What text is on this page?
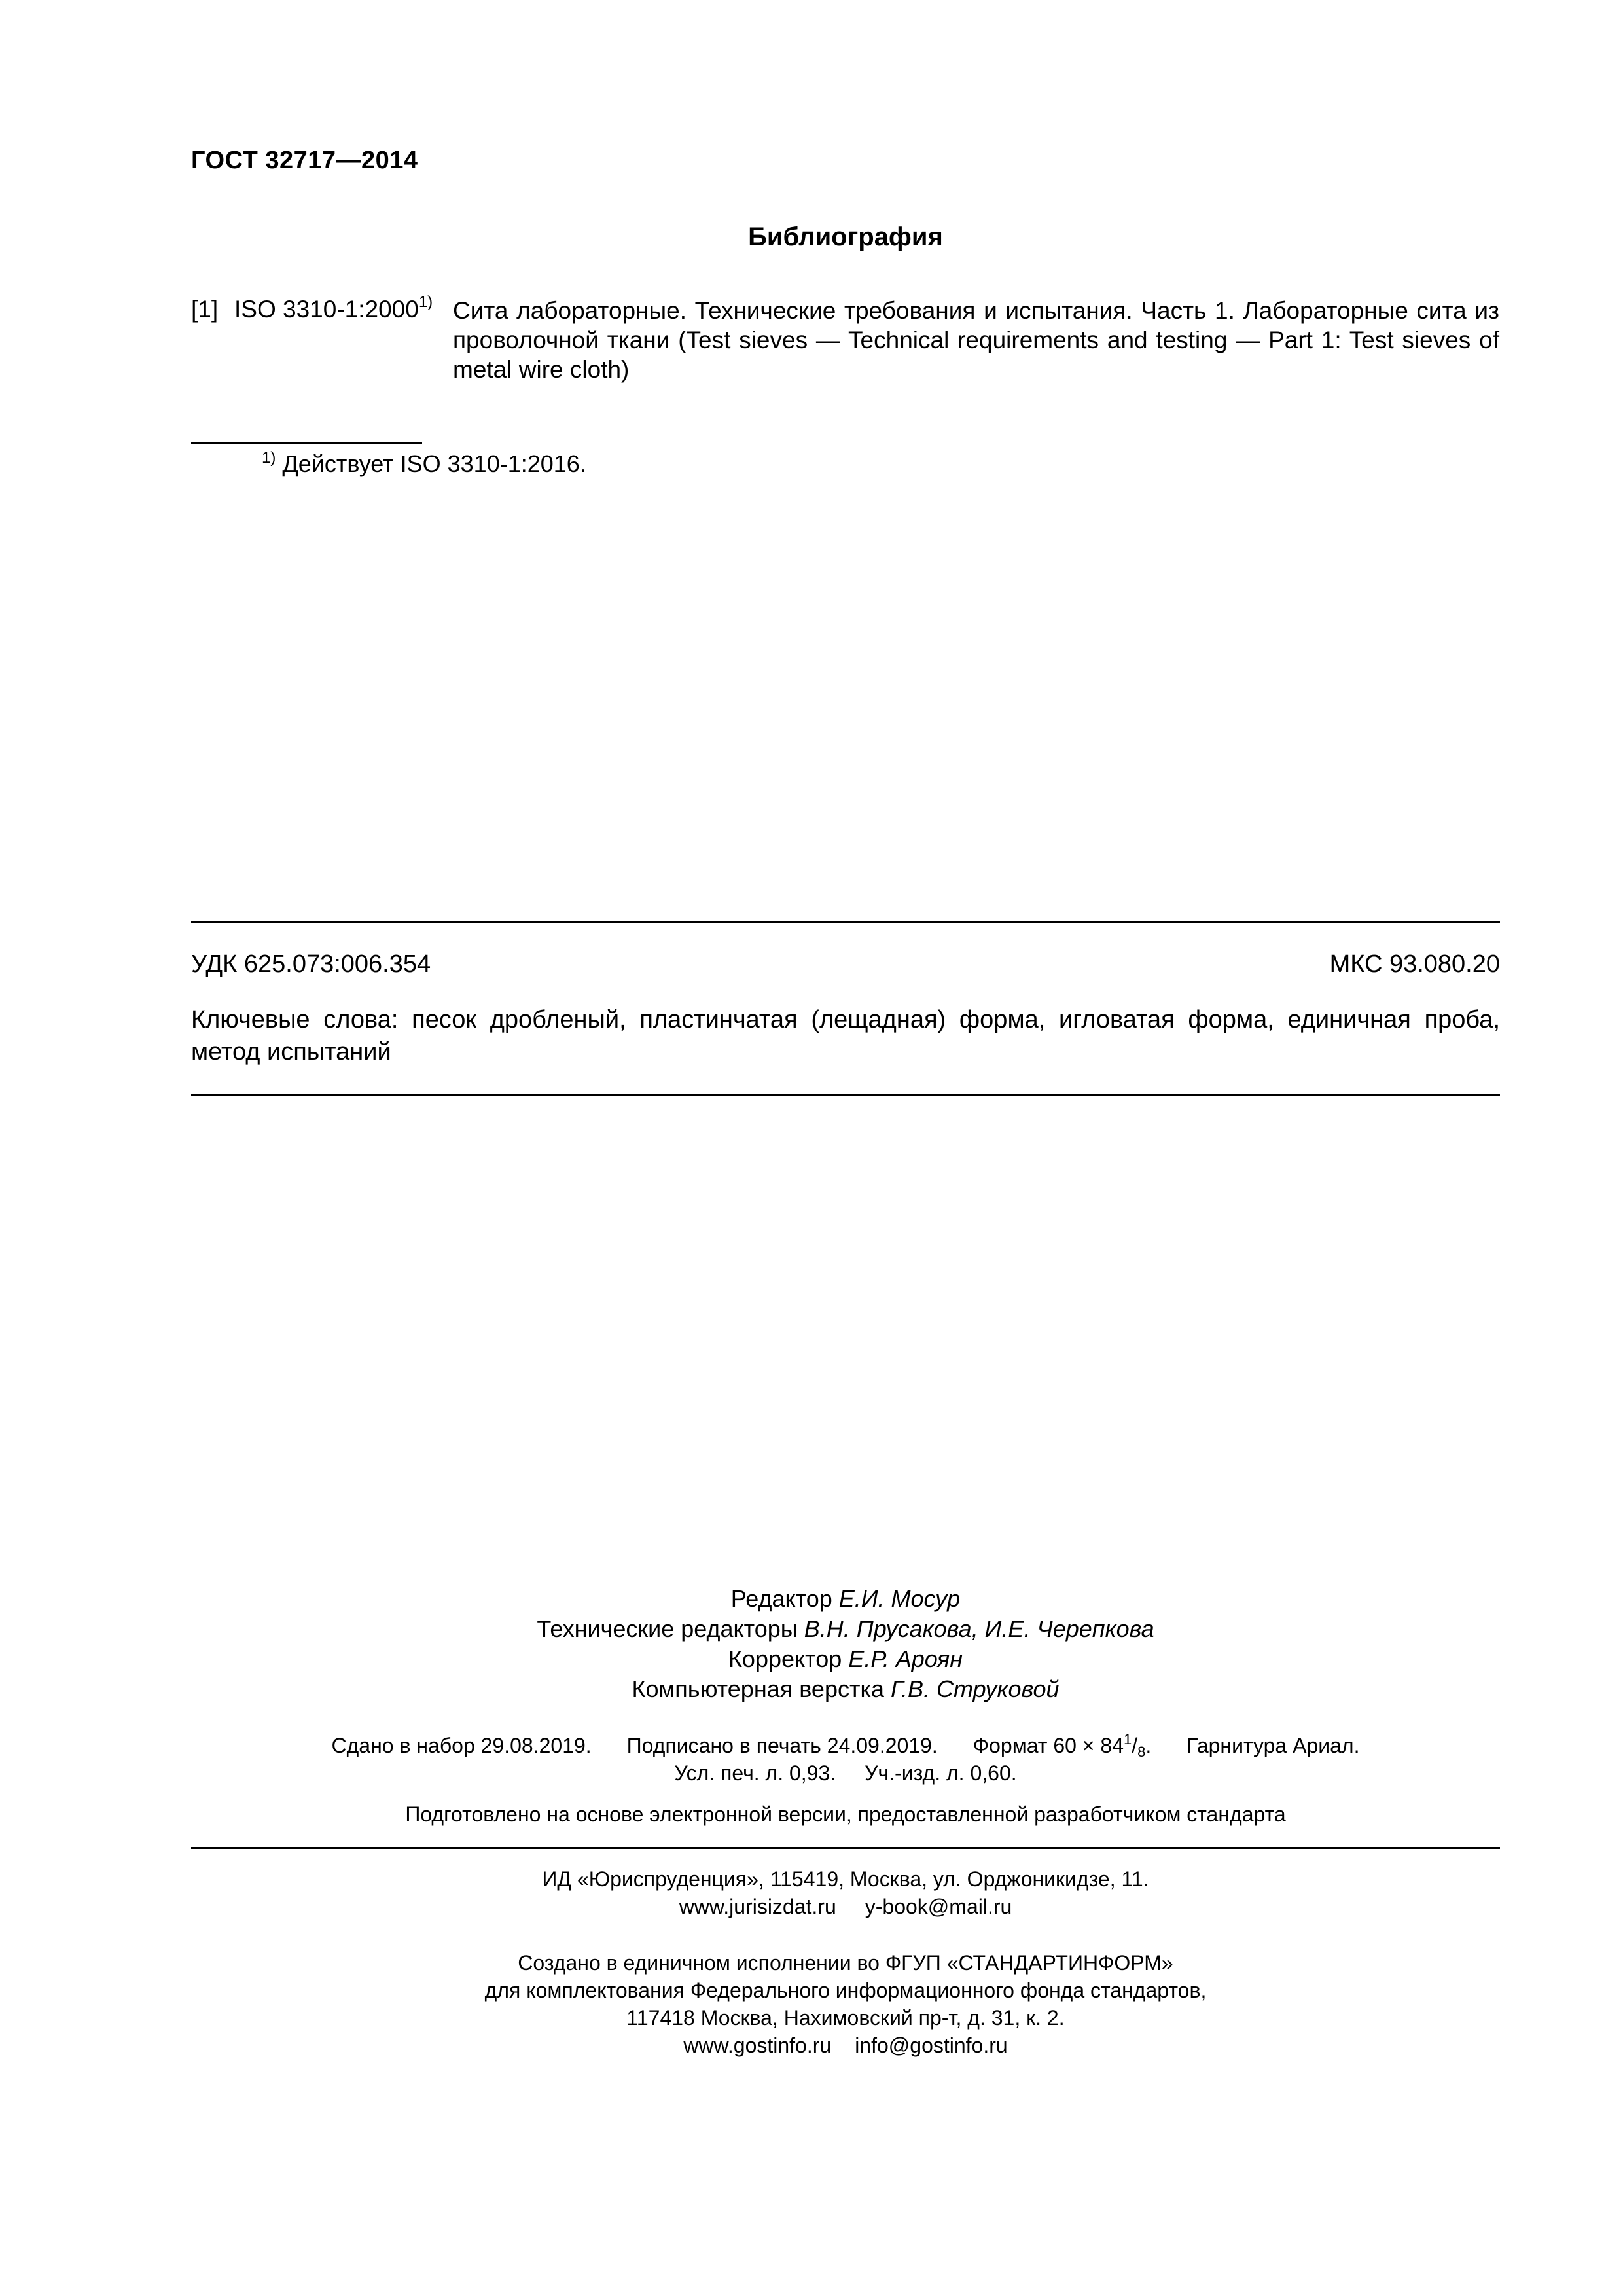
ГОСТ 32717—2014
Библиография
[1] ISO 3310-1:2000$^{1)}$ Сита лабораторные. Технические требования и испытания. Часть 1. Лабораторные сита из проволочной ткани (Test sieves — Technical requirements and testing — Part 1: Test sieves of metal wire cloth)
$^{1)}$ Действует ISO 3310-1:2016.
УДК 625.073:006.354	МКС 93.080.20
Ключевые слова: песок дробленый, пластинчатая (лещадная) форма, игловатая форма, единичная проба, метод испытаний
Редактор Е.И. Мосур
Технические редакторы В.Н. Прусакова, И.Е. Черепкова
Корректор Е.Р. Ароян
Компьютерная верстка Г.В. Струковой
Сдано в набор 29.08.2019. Подписано в печать 24.09.2019. Формат $60 \times 84^1/_8$. Гарнитура Ариал.
Усл. печ. л. 0,93. Уч.-изд. л. 0,60.
Подготовлено на основе электронной версии, предоставленной разработчиком стандарта
ИД «Юриспруденция», 115419, Москва, ул. Орджоникидзе, 11.
www.jurisizdat.ru y-book@mail.ru
Создано в единичном исполнении во ФГУП «СТАНДАРТИНФОРМ»
для комплектования Федерального информационного фонда стандартов,
117418 Москва, Нахимовский пр-т, д. 31, к. 2.
www.gostinfo.ru info@gostinfo.ru
